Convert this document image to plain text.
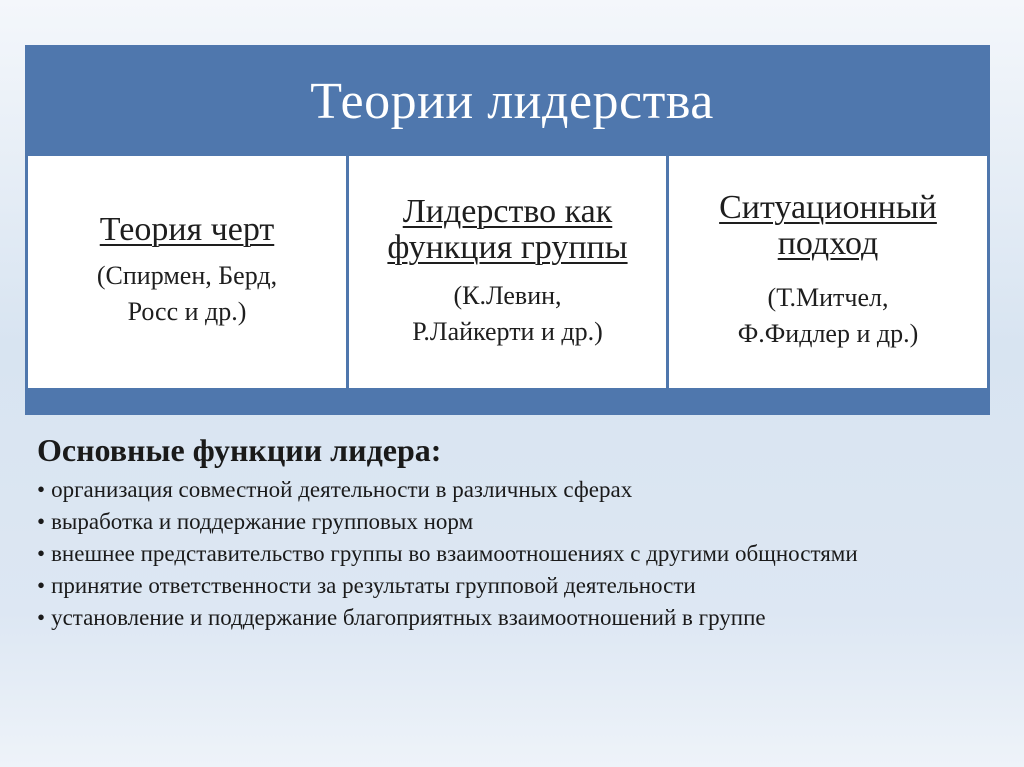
Теории лидерства
Теория черт
(Спирмен, Берд,
Росс и др.)
Лидерство как
функция группы
(К.Левин,
Р.Лайкерти и др.)
Ситуационный
подход
(Т.Митчел,
Ф.Фидлер и др.)
Основные функции лидера:
• организация совместной деятельности в различных сферах
• выработка и поддержание групповых норм
• внешнее представительство группы во взаимоотношениях с другими общностями
• принятие ответственности за результаты групповой деятельности
• установление и поддержание благоприятных взаимоотношений в группе
